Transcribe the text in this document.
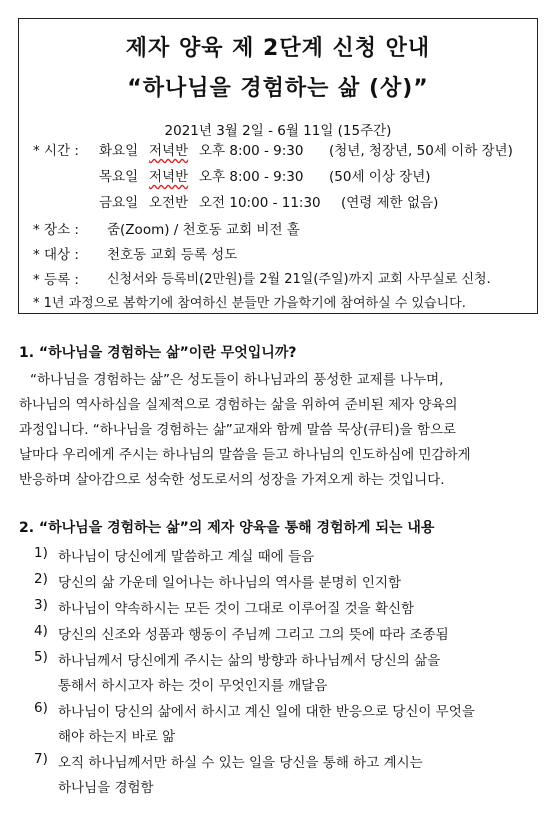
제자 양육 제 2단계 신청 안내
“하나님을 경험하는 삶 (상)”
2021년 3월 2일 - 6월 11일 (15주간)
* 시간 : 화요일 저녁반 오후 8:00 - 9:30 (청년, 청장년, 50세 이하 장년)
목요일 저녁반 오후 8:00 - 9:30 (50세 이상 장년)
금요일 오전반 오전 10:00 - 11:30 (연령 제한 없음)
* 장소 : 줌(Zoom) / 천호동 교회 비전 홀
* 대상 : 천호동 교회 등록 성도
* 등록 : 신청서와 등록비(2만원)를 2월 21일(주일)까지 교회 사무실로 신청.
* 1년 과정으로 봄학기에 참여하신 분들만 가을학기에 참여하실 수 있습니다.
1. “하나님을 경험하는 삶”이란 무엇입니까?
“하나님을 경험하는 삶”은 성도들이 하나님과의 풍성한 교제를 나누며,
하나님의 역사하심을 실제적으로 경험하는 삶을 위하여 준비된 제자 양육의
과정입니다. “하나님을 경험하는 삶”교재와 함께 말씀 묵상(큐티)을 함으로
날마다 우리에게 주시는 하나님의 말씀을 듣고 하나님의 인도하심에 민감하게
반응하며 살아감으로 성숙한 성도로서의 성장을 가져오게 하는 것입니다.
2. “하나님을 경험하는 삶”의 제자 양육을 통해 경험하게 되는 내용
1) 하나님이 당신에게 말씀하고 계실 때에 들음
2) 당신의 삶 가운데 일어나는 하나님의 역사를 분명히 인지함
3) 하나님이 약속하시는 모든 것이 그대로 이루어질 것을 확신함
4) 당신의 신조와 성품과 행동이 주님께 그리고 그의 뜻에 따라 조종됨
5) 하나님께서 당신에게 주시는 삶의 방향과 하나님께서 당신의 삶을
통해서 하시고자 하는 것이 무엇인지를 깨달음
6) 하나님이 당신의 삶에서 하시고 계신 일에 대한 반응으로 당신이 무엇을
해야 하는지 바로 앎
7) 오직 하나님께서만 하실 수 있는 일을 당신을 통해 하고 계시는
하나님을 경험함
